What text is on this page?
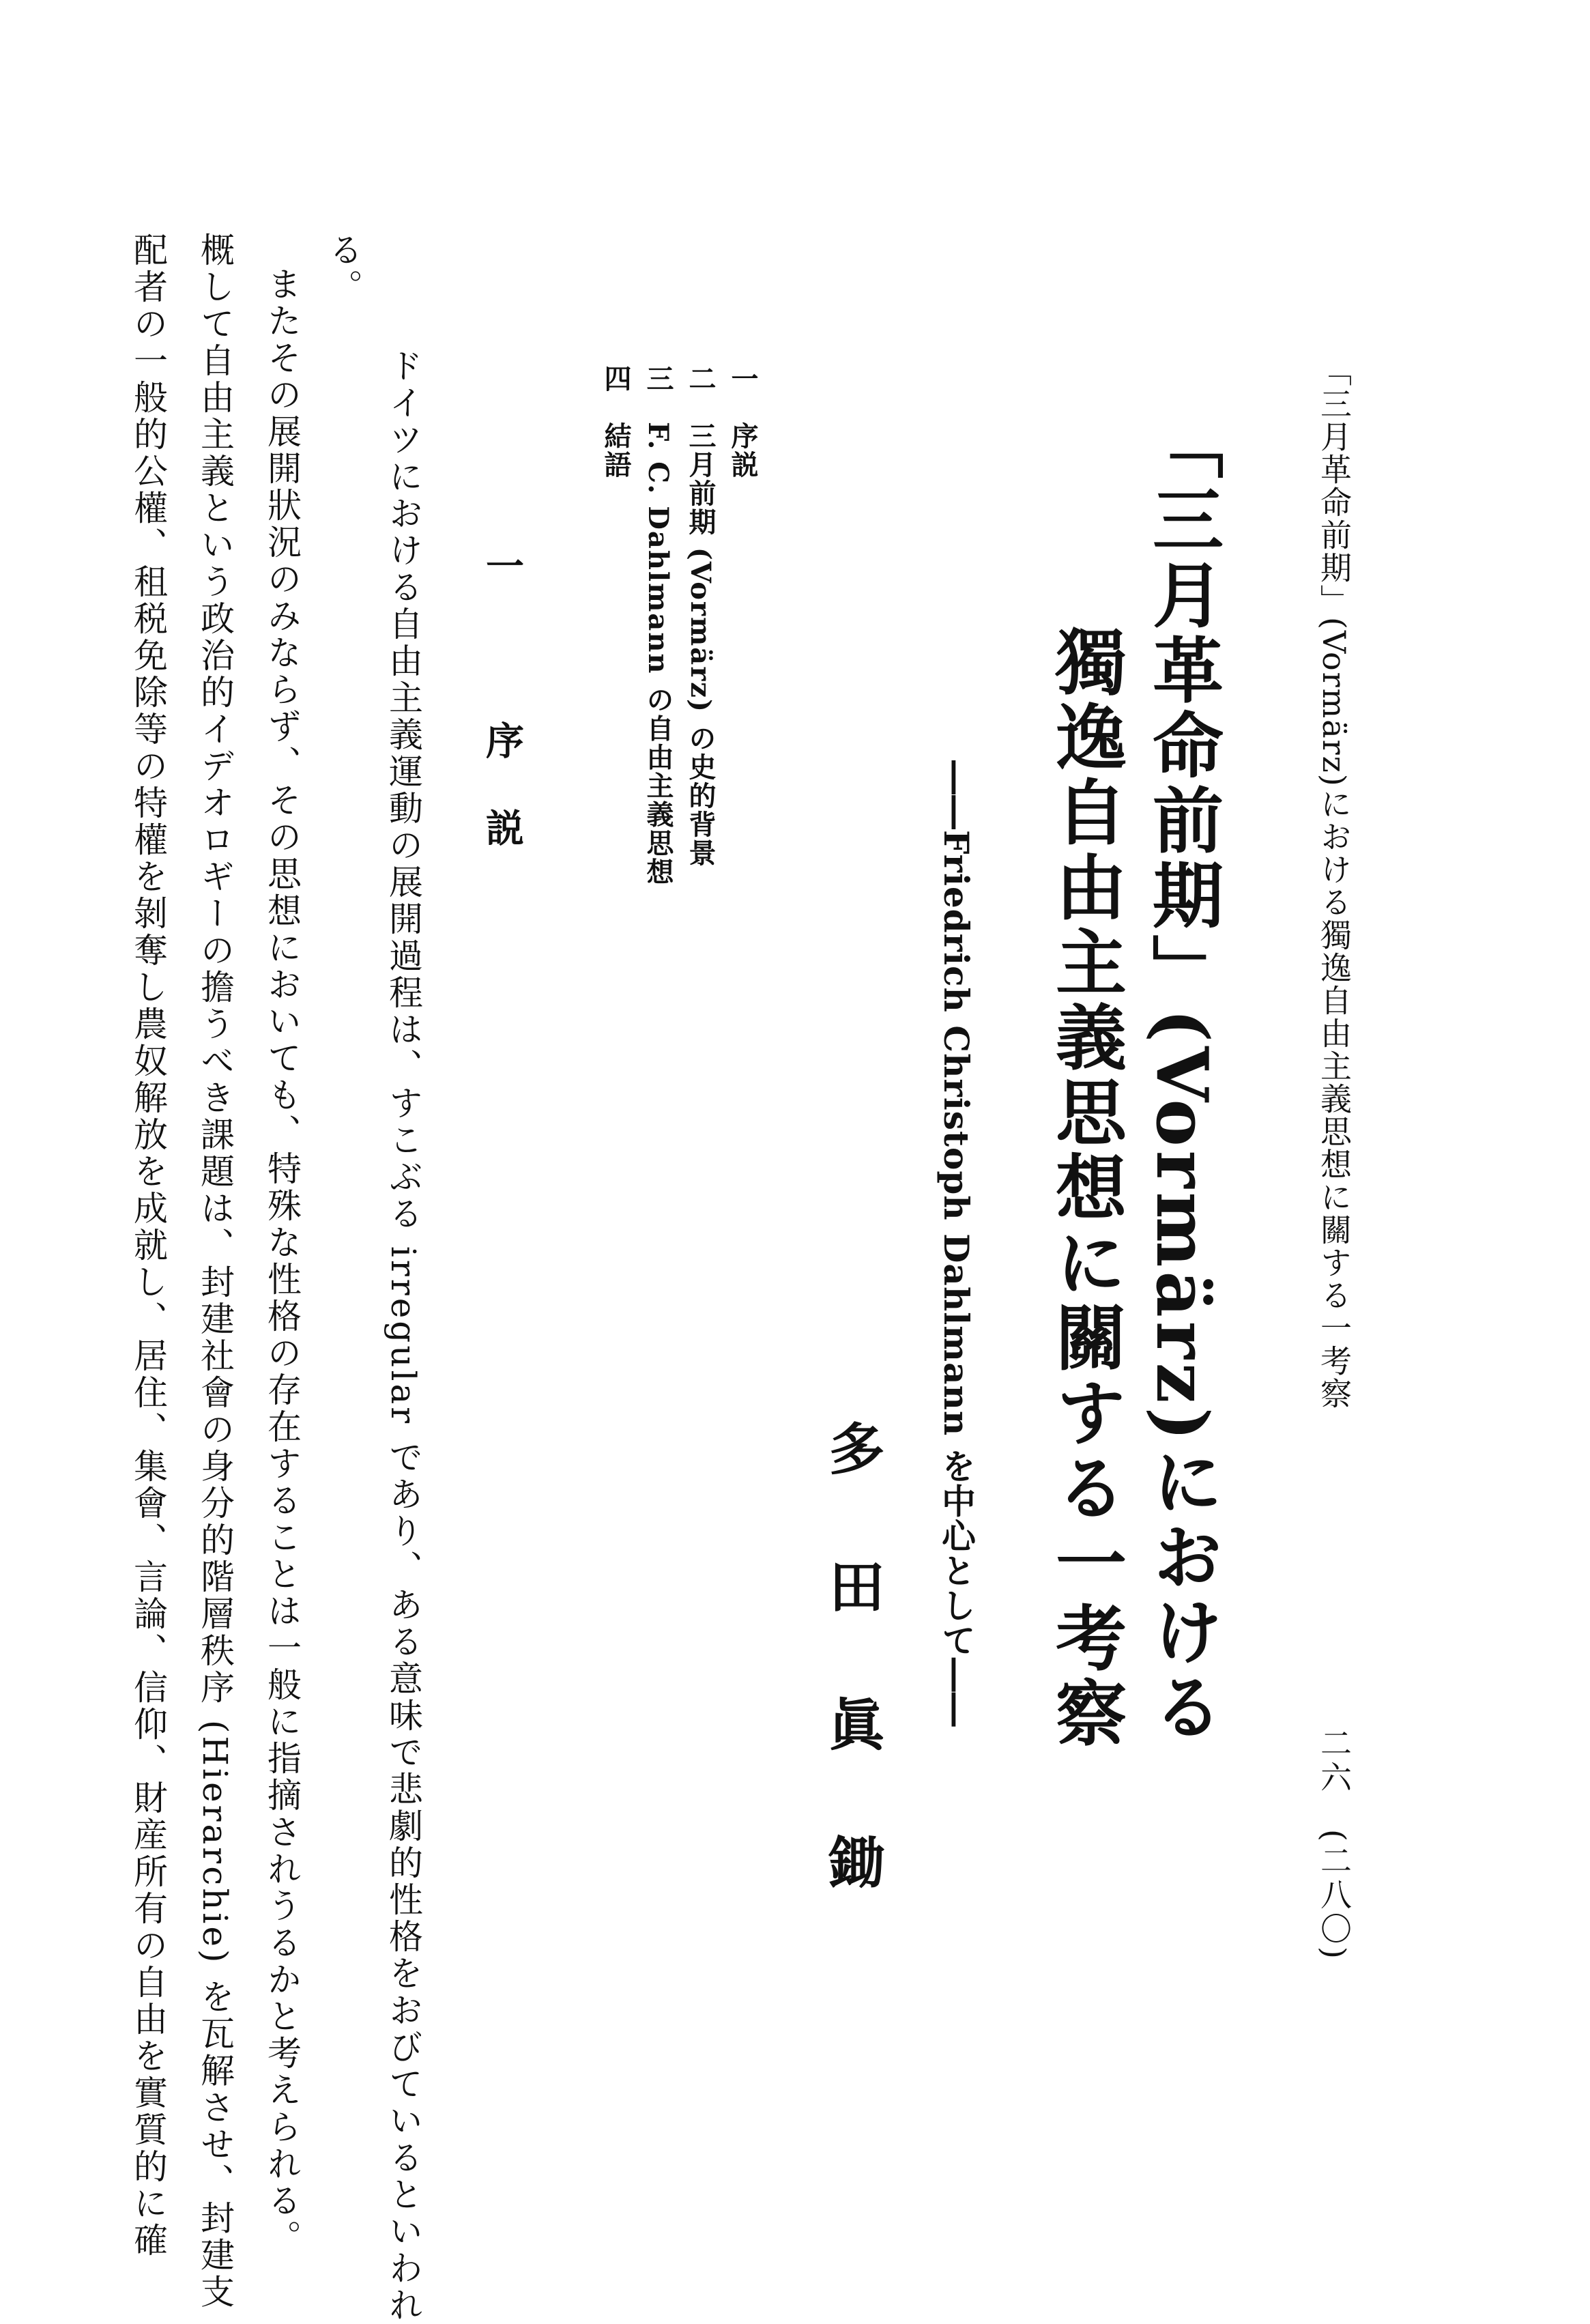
「三月革命前期」(Vormärz)における獨逸自由主義思想に關する一考察
二六　(二八〇)
「三月革命前期」(Vormärz)における
獨逸自由主義思想に關する一考察
――Friedrich Christoph Dahlmann を中心として――
多田眞鋤
一　序説
二　三月前期 (Vormärz) の史的背景
三　F. C. Dahlmann の自由主義思想
四　結語
一　序説
ドイツにおける自由主義運動の展開過程は、すこぶる irregular であり、ある意味で悲劇的性格をおびているといわれ
る。
またその展開狀況のみならず、その思想においても、特殊な性格の存在することは一般に指摘されうるかと考えられる。
概して自由主義という政治的イデオロギーの擔うべき課題は、封建社會の身分的階層秩序 (Hierarchie) を瓦解させ、封建支
配者の一般的公權、租税免除等の特權を剝奪し農奴解放を成就し、居住、集會、言論、信仰、財産所有の自由を實質的に確
